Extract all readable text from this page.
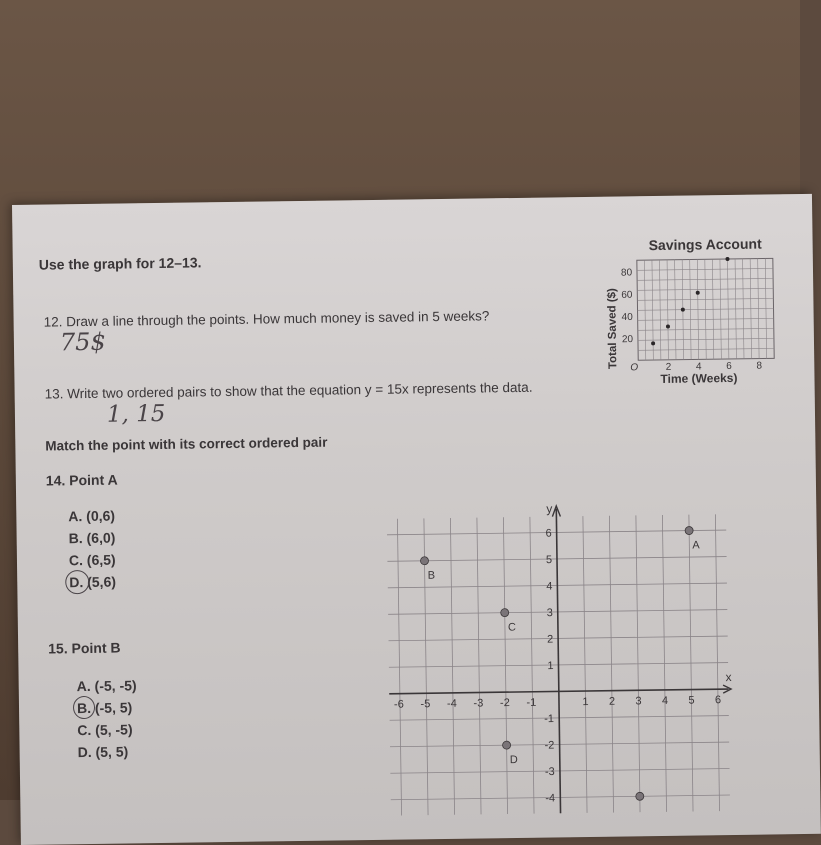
Use the graph for 12–13.
12. Draw a line through the points. How much money is saved in 5 weeks?
75$
13. Write two ordered pairs to show that the equation y = 15x represents the data.
1, 15
Match the point with its correct ordered pair
14. Point A
A. (0,6)
B. (6,0)
C. (6,5)
D. (5,6)
15. Point B
A. (-5, -5)
B. (-5, 5)
C. (5, -5)
D. (5, 5)
Savings Account
Total Saved ($) O
Time (Weeks)
2 4 6 8
20
40
60
80
x
y
-6 -5 -4 -3 -2 -1	1 2 3 4 5 6
6
5
4
3
2
1
-1
-2
-3
-4
A
B
C
D
